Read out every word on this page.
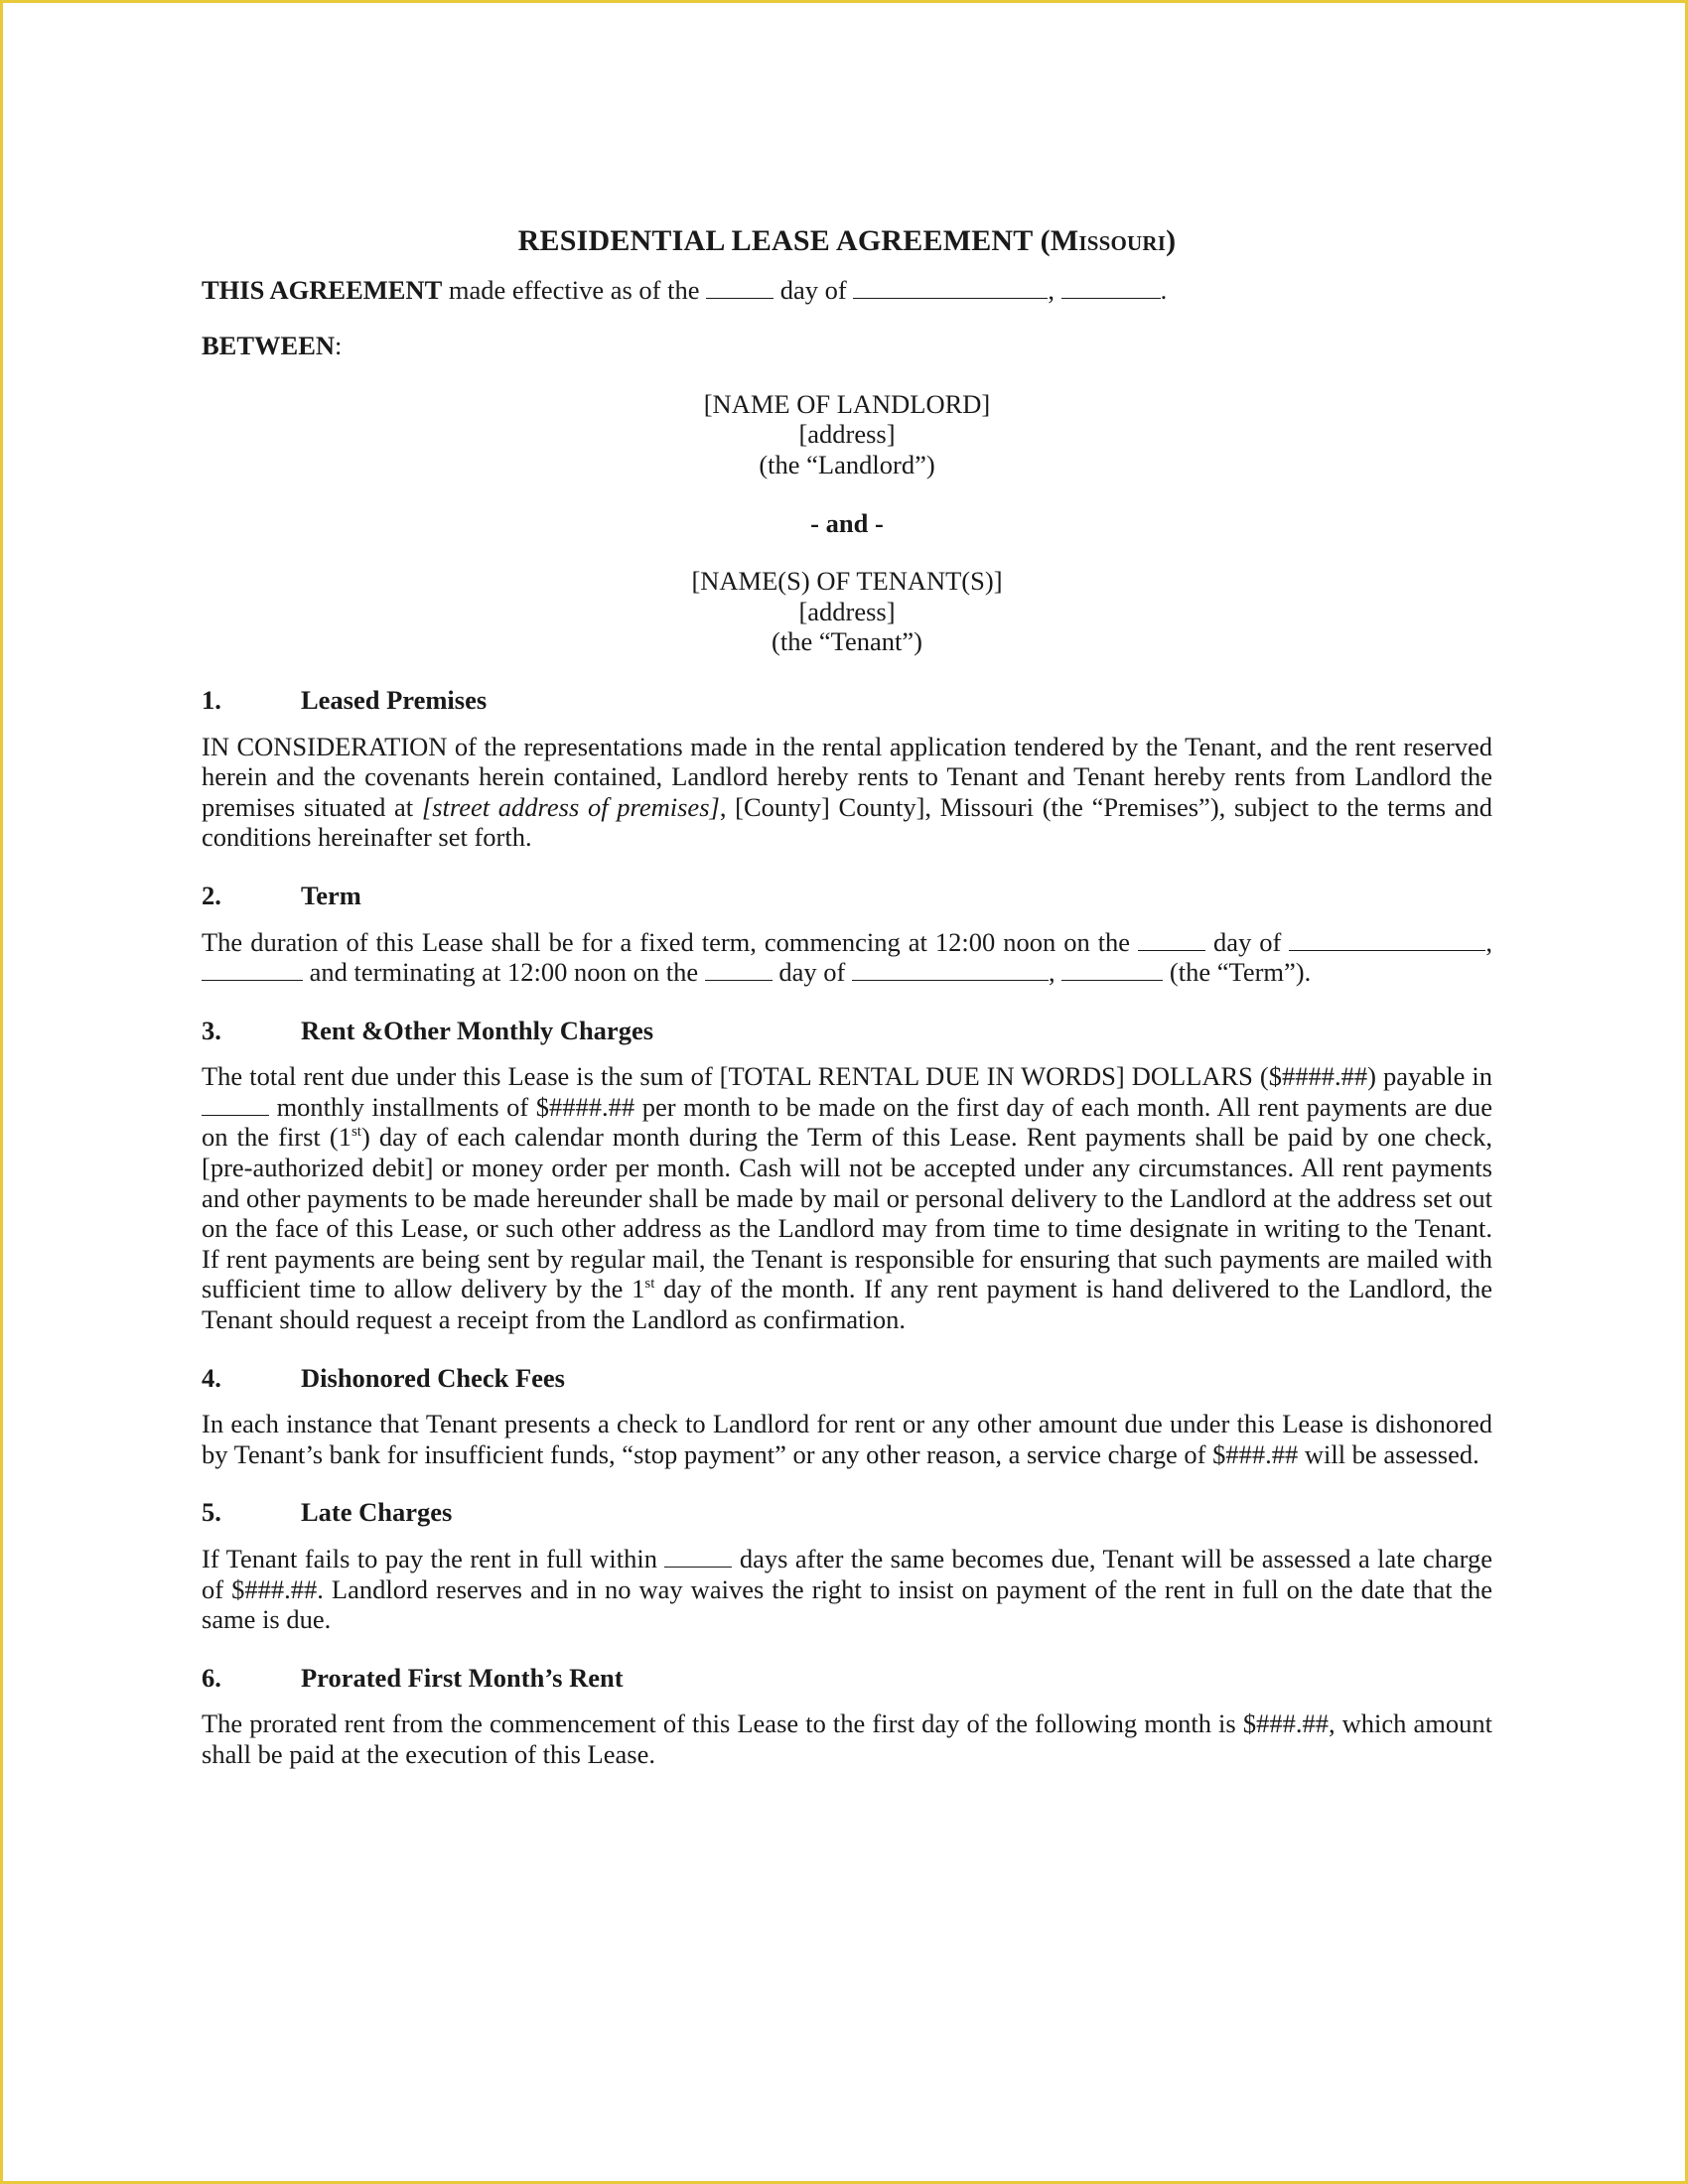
RESIDENTIAL LEASE AGREEMENT (Missouri)

THIS AGREEMENT made effective as of the	day of	,	.

BETWEEN:

[NAME OF LANDLORD]

[address]

(the “Landlord”)

- and -

[NAME(S) OF TENANT(S)]

[address]

(the “Tenant”)

1.	Leased Premises

IN CONSIDERATION of the representations made in the rental application tendered by the Tenant, and the rent reserved herein and the covenants herein contained, Landlord hereby rents to Tenant and Tenant hereby rents from Landlord the premises situated at [street address of premises], [County] County], Missouri (the “Premises”), subject to the terms and conditions hereinafter set forth.

2.	Term

The duration of this Lease shall be for a fixed term, commencing at 12:00 noon on the	day of	,  and terminating at 12:00 noon on the	day of	,	(the “Term”).

3.	Rent &Other Monthly Charges

The total rent due under this Lease is the sum of [TOTAL RENTAL DUE IN WORDS] DOLLARS ($####.##) payable in  monthly installments of $####.## per month to be made on the first day of each month. All rent payments are due on the first (1st) day of each calendar month during the Term of this Lease. Rent payments shall be paid by one check, [pre-authorized debit] or money order per month. Cash will not be accepted under any circumstances. All rent payments and other payments to be made hereunder shall be made by mail or personal delivery to the Landlord at the address set out on the face of this Lease, or such other address as the Landlord may from time to time designate in writing to the Tenant. If rent payments are being sent by regular mail, the Tenant is responsible for ensuring that such payments are mailed with sufficient time to allow delivery by the 1st day of the month. If any rent payment is hand delivered to the Landlord, the Tenant should request a receipt from the Landlord as confirmation.

4.	Dishonored Check Fees

In each instance that Tenant presents a check to Landlord for rent or any other amount due under this Lease is dishonored by Tenant’s bank for insufficient funds, “stop payment” or any other reason, a service charge of $###.## will be assessed.

5.	Late Charges

If Tenant fails to pay the rent in full within	days after the same becomes due, Tenant will be assessed a late charge of $###.##. Landlord reserves and in no way waives the right to insist on payment of the rent in full on the date that the same is due.

6.	Prorated First Month’s Rent

The prorated rent from the commencement of this Lease to the first day of the following month is $###.##, which amount shall be paid at the execution of this Lease.
